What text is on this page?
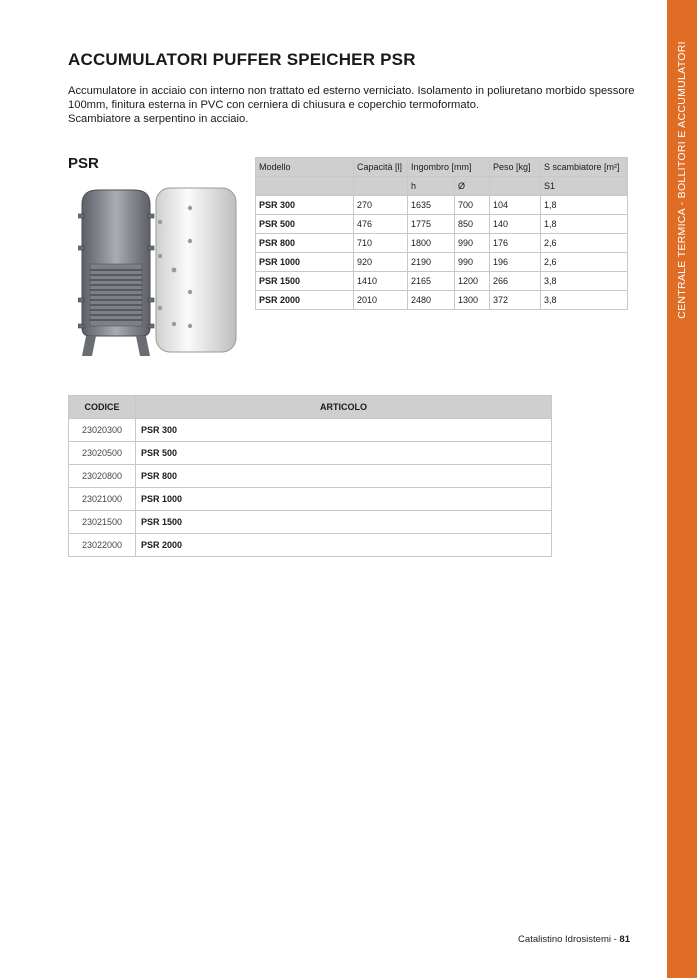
CENTRALE TERMICA - BOLLITORI E ACCUMULATORI
ACCUMULATORI PUFFER SPEICHER PSR
Accumulatore in acciaio con interno non trattato ed esterno verniciato. Isolamento in poliuretano morbido spessore
100mm, finitura esterna in PVC con cerniera di chiusura e coperchio termoformato.
Scambiatore a serpentino in acciaio.
PSR	Modello	Capacità [l]	Ingombro [mm]		Peso [kg]	S scambiatore [m²]
		h	Ø		S1
PSR 300	270	1635	700	104	1,8
PSR 500	476	1775	850	140	1,8
PSR 800	710	1800	990	176	2,6
PSR 1000	920	2190	990	196	2,6
PSR 1500	1410	2165	1200	266	3,8
PSR 2000	2010	2480	1300	372	3,8
CODICE	ARTICOLO
23020300	PSR 300
23020500	PSR 500
23020800	PSR 800
23021000	PSR 1000
23021500	PSR 1500
23022000	PSR 2000
Catalistino Idrosistemi - 81
